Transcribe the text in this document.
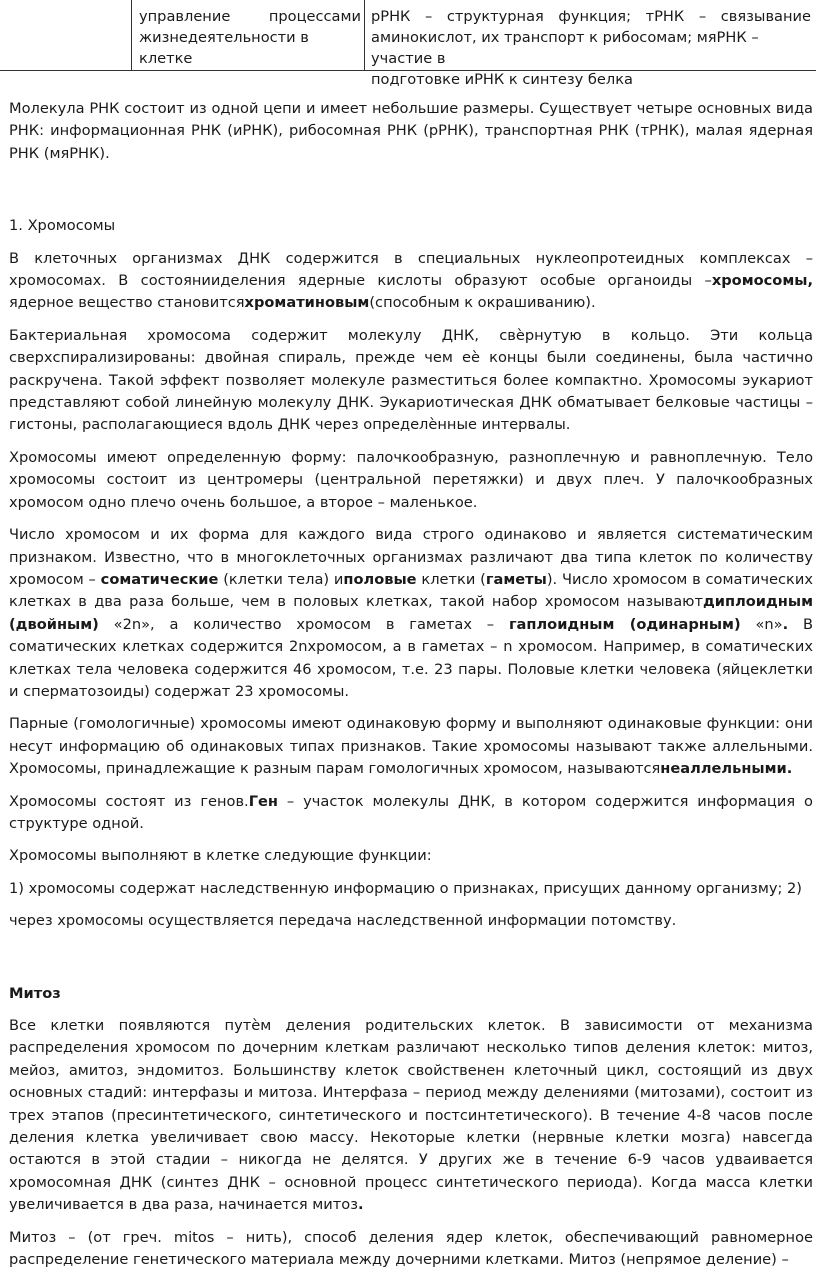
управление	процессами
жизнедеятельности в клетке
рРНК – структурная функция; тРНК – связывание
аминокислот, их транспорт к рибосомам; мяРНК – участие в
подготовке иРНК к синтезу белка

Молекула РНК состоит из одной цепи и имеет небольшие размеры. Существует четыре основных вида РНК: информационная РНК (иРНК), рибосомная РНК (рРНК), транспортная РНК (тРНК), малая ядерная РНК (мяРНК).

1. Хромосомы

В клеточных организмах ДНК содержится в специальных нуклеопротеидных комплексах – хромосомах. В состоянииделения ядерные кислоты образуют особые органоиды –хромосомы, ядерное вещество становитсяхроматиновым(способным к окрашиванию).

Бактериальная хромосома содержит молекулу ДНК, свѐрнутую в кольцо. Эти кольца сверхспирализированы: двойная спираль, прежде чем еѐ концы были соединены, была частично раскручена. Такой эффект позволяет молекуле разместиться более компактно. Хромосомы эукариот представляют собой линейную молекулу ДНК. Эукариотическая ДНК обматывает белковые частицы – гистоны, располагающиеся вдоль ДНК через определѐнные интервалы.

Хромосомы имеют определенную форму: палочкообразную, разноплечную и равноплечную. Тело хромосомы состоит из центромеры (центральной перетяжки) и двух плеч. У палочкообразных хромосом одно плечо очень большое, а второе – маленькое.

Число хромосом и их форма для каждого вида строго одинаково и является систематическим признаком. Известно, что в многоклеточных организмах различают два типа клеток по количеству хромосом – соматические (клетки тела) иполовые клетки (гаметы). Число хромосом в соматических клетках в два раза больше, чем в половых клетках, такой набор хромосом называютдиплоидным (двойным) «2n», а количество хромосом в гаметах – гаплоидным (одинарным) «n». В соматических клетках содержится 2nхромосом, а в гаметах – n хромосом. Например, в соматических клетках тела человека содержится 46 хромосом, т.е. 23 пары. Половые клетки человека (яйцеклетки и сперматозоиды) содержат 23 хромосомы.

Парные (гомологичные) хромосомы имеют одинаковую форму и выполняют одинаковые функции: они несут информацию об одинаковых типах признаков. Такие хромосомы называют также аллельными. Хромосомы, принадлежащие к разным парам гомологичных хромосом, называютсянеаллельными.

Хромосомы состоят из генов.Ген – участок молекулы ДНК, в котором содержится информация о структуре одной.

Хромосомы выполняют в клетке следующие функции:

1) хромосомы содержат наследственную информацию о признаках, присущих данному организму; 2)

через хромосомы осуществляется передача наследственной информации потомству.

Митоз

Все клетки появляются путѐм деления родительских клеток. В зависимости от механизма распределения хромосом по дочерним клеткам различают несколько типов деления клеток: митоз, мейоз, амитоз, эндомитоз. Большинству клеток свойственен клеточный цикл, состоящий из двух основных стадий: интерфазы и митоза. Интерфаза – период между делениями (митозами), состоит из трех этапов (пресинтетического, синтетического и постсинтетического). В течение 4-8 часов после деления клетка увеличивает свою массу. Некоторые клетки (нервные клетки мозга) навсегда остаются в этой стадии – никогда не делятся. У других же в течение 6-9 часов удваивается хромосомная ДНК (синтез ДНК – основной процесс синтетического периода). Когда масса клетки увеличивается в два раза, начинается митоз.

Митоз – (от греч. mitos – нить), способ деления ядер клеток, обеспечивающий равномерное распределение генетического материала между дочерними клетками. Митоз (непрямое деление) –
